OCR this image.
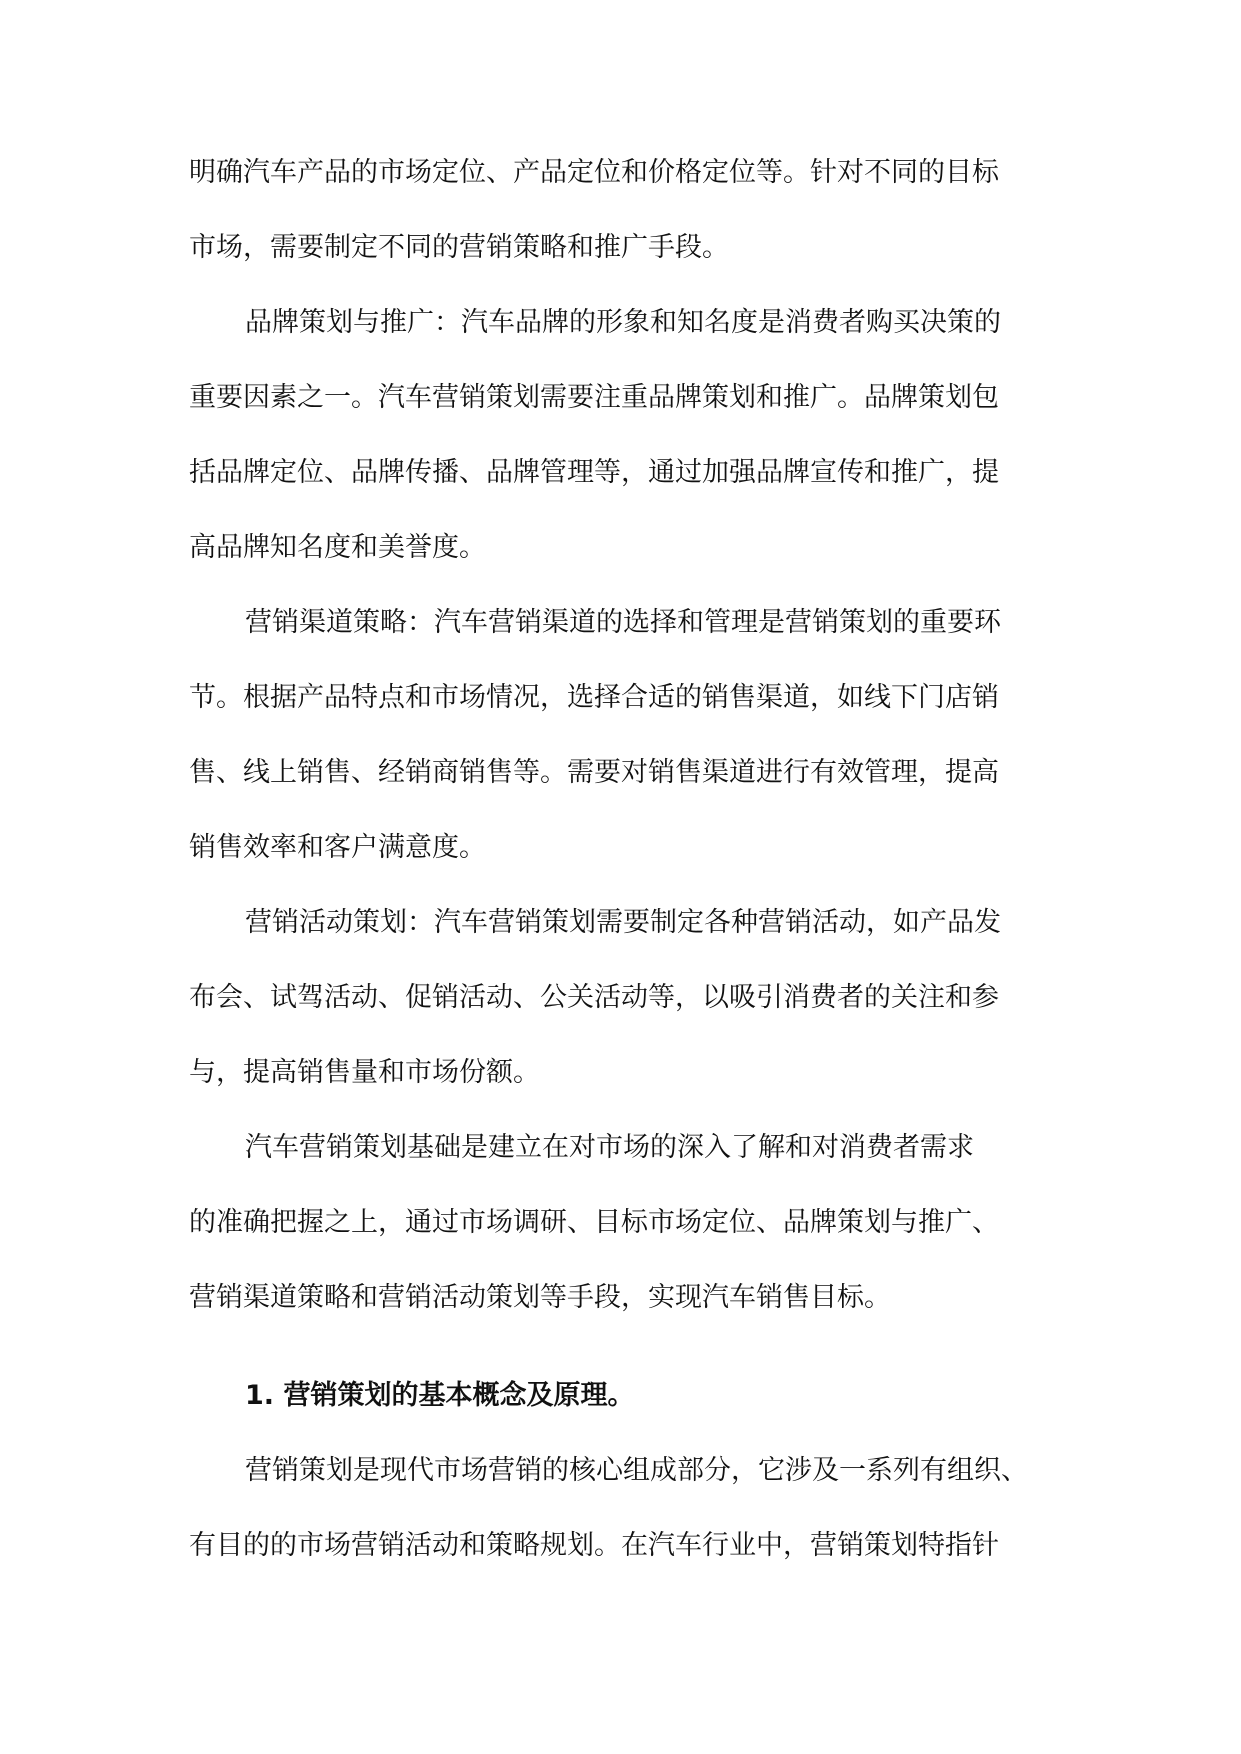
明确汽车产品的市场定位、产品定位和价格定位等。针对不同的目标
市场，需要制定不同的营销策略和推广手段。
品牌策划与推广：汽车品牌的形象和知名度是消费者购买决策的
重要因素之一。汽车营销策划需要注重品牌策划和推广。品牌策划包
括品牌定位、品牌传播、品牌管理等，通过加强品牌宣传和推广，提
高品牌知名度和美誉度。
营销渠道策略：汽车营销渠道的选择和管理是营销策划的重要环
节。根据产品特点和市场情况，选择合适的销售渠道，如线下门店销
售、线上销售、经销商销售等。需要对销售渠道进行有效管理，提高
销售效率和客户满意度。
营销活动策划：汽车营销策划需要制定各种营销活动，如产品发
布会、试驾活动、促销活动、公关活动等，以吸引消费者的关注和参
与，提高销售量和市场份额。
汽车营销策划基础是建立在对市场的深入了解和对消费者需求
的准确把握之上，通过市场调研、目标市场定位、品牌策划与推广、
营销渠道策略和营销活动策划等手段，实现汽车销售目标。
1. 营销策划的基本概念及原理。
营销策划是现代市场营销的核心组成部分，它涉及一系列有组织、
有目的的市场营销活动和策略规划。在汽车行业中，营销策划特指针
